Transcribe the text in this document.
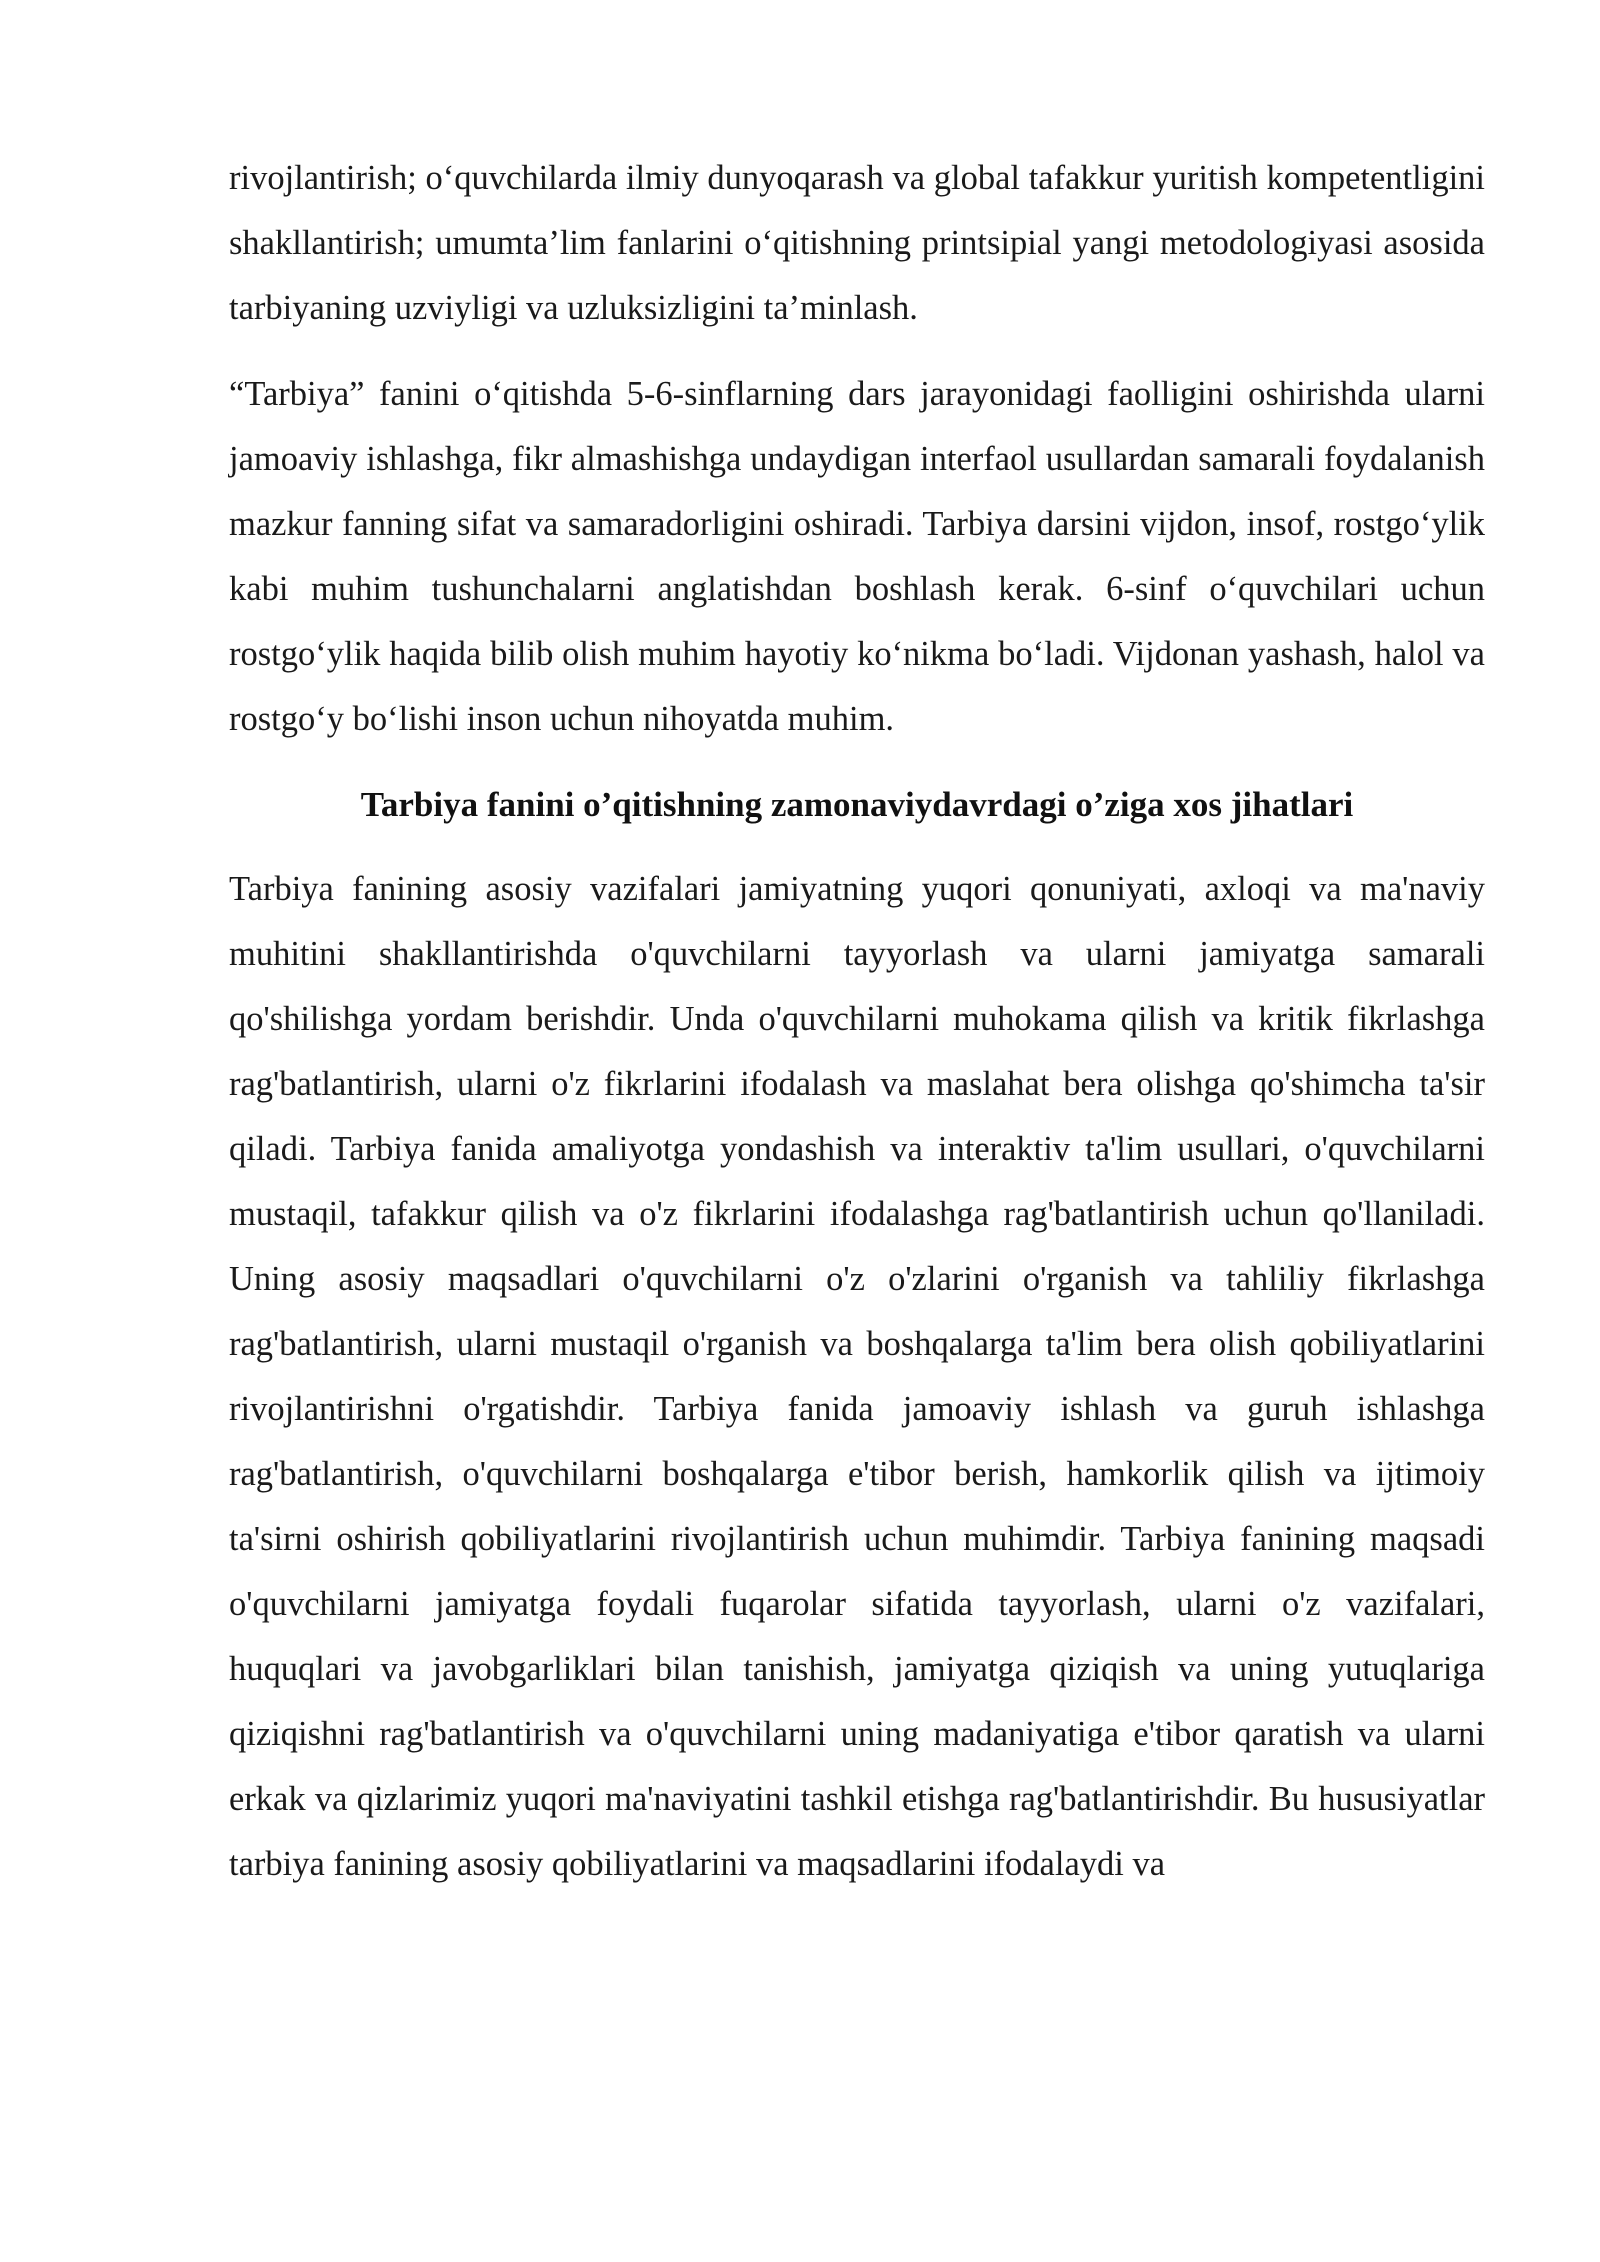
rivojlantirish; o‘quvchilarda ilmiy dunyoqarash va global tafakkur yuritish kompetentligini shakllantirish; umumta’lim fanlarini o‘qitishning printsipial yangi metodologiyasi asosida tarbiyaning uzviyligi va uzluksizligini ta’minlash.

“Tarbiya” fanini o‘qitishda 5-6-sinflarning dars jarayonidagi faolligini oshirishda ularni jamoaviy ishlashga, fikr almashishga undaydigan interfaol usullardan samarali foydalanish mazkur fanning sifat va samaradorligini oshiradi. Tarbiya darsini vijdon, insof, rostgo‘ylik kabi muhim tushunchalarni anglatishdan boshlash kerak. 6-sinf o‘quvchilari uchun rostgo‘ylik haqida bilib olish muhim hayotiy ko‘nikma bo‘ladi. Vijdonan yashash, halol va rostgo‘y bo‘lishi inson uchun nihoyatda muhim.

Tarbiya fanini o’qitishning zamonaviydavrdagi o’ziga xos jihatlari

Tarbiya fanining asosiy vazifalari jamiyatning yuqori qonuniyati, axloqi va ma'naviy muhitini shakllantirishda o'quvchilarni tayyorlash va ularni jamiyatga samarali qo'shilishga yordam berishdir. Unda o'quvchilarni muhokama qilish va kritik fikrlashga rag'batlantirish, ularni o'z fikrlarini ifodalash va maslahat bera olishga qo'shimcha ta'sir qiladi. Tarbiya fanida amaliyotga yondashish va interaktiv ta'lim usullari, o'quvchilarni mustaqil, tafakkur qilish va o'z fikrlarini ifodalashga rag'batlantirish uchun qo'llaniladi. Uning asosiy maqsadlari o'quvchilarni o'z o'zlarini o'rganish va tahliliy fikrlashga rag'batlantirish, ularni mustaqil o'rganish va boshqalarga ta'lim bera olish qobiliyatlarini rivojlantirishni o'rgatishdir. Tarbiya fanida jamoaviy ishlash va guruh ishlashga rag'batlantirish, o'quvchilarni boshqalarga e'tibor berish, hamkorlik qilish va ijtimoiy ta'sirni oshirish qobiliyatlarini rivojlantirish uchun muhimdir. Tarbiya fanining maqsadi o'quvchilarni jamiyatga foydali fuqarolar sifatida tayyorlash, ularni o'z vazifalari, huquqlari va javobgarliklari bilan tanishish, jamiyatga qiziqish va uning yutuqlariga qiziqishni rag'batlantirish va o'quvchilarni uning madaniyatiga e'tibor qaratish va ularni erkak va qizlarimiz yuqori ma'naviyatini tashkil etishga rag'batlantirishdir. Bu hususiyatlar tarbiya fanining asosiy qobiliyatlarini va maqsadlarini ifodalaydi va
